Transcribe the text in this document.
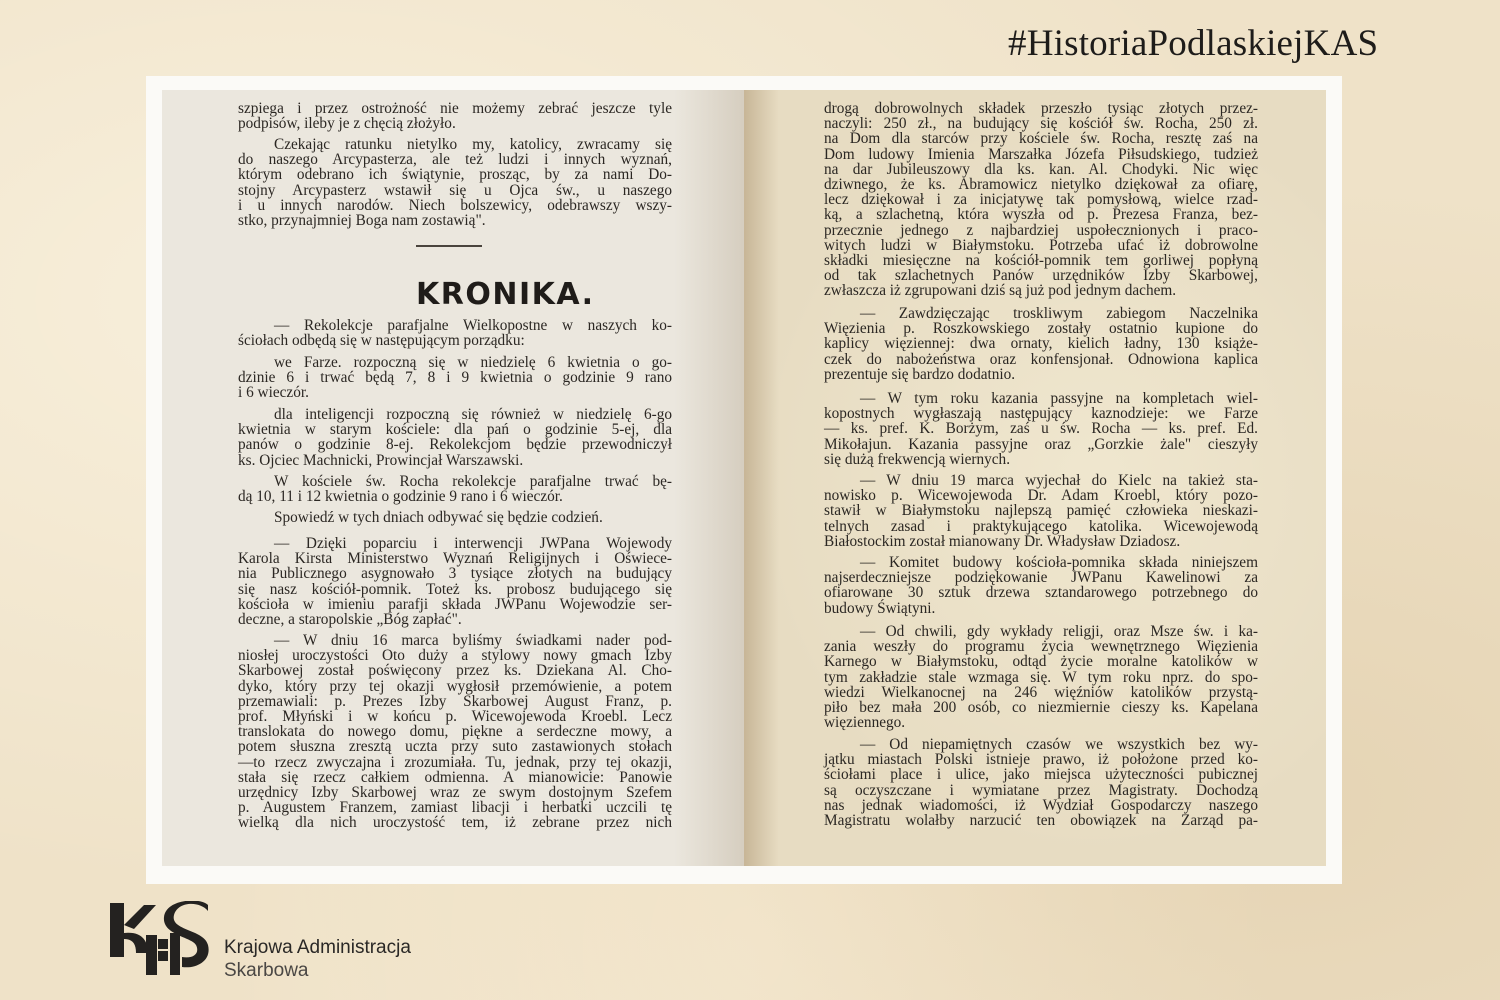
#HistoriaPodlaskiejKAS
KRONIKA.
szpiega i przez ostrożność nie możemy zebrać jeszcze tyle
podpisów, ileby je z chęcią złożyło.
Czekając ratunku nietylko my, katolicy, zwracamy się
do naszego Arcypasterza, ale też ludzi i innych wyznań,
którym odebrano ich świątynie, prosząc, by za nami Do-
stojny Arcypasterz wstawił się u Ojca św., u naszego
i u innych narodów. Niech bolszewicy, odebrawszy wszy-
stko, przynajmniej Boga nam zostawią".
— Rekolekcje parafjalne Wielkopostne w naszych ko-
ściołach odbędą się w następującym porządku:
we Farze. rozpoczną się w niedzielę 6 kwietnia o go-
dzinie 6 i trwać będą 7, 8 i 9 kwietnia o godzinie 9 rano
i 6 wieczór.
dla inteligencji rozpoczną się również w niedzielę 6-go
kwietnia w starym kościele: dla pań o godzinie 5-ej, dla
panów o godzinie 8-ej. Rekolekcjom będzie przewodniczył
ks. Ojciec Machnicki, Prowincjał Warszawski.
W kościele św. Rocha rekolekcje parafjalne trwać bę-
dą 10, 11 i 12 kwietnia o godzinie 9 rano i 6 wieczór.
Spowiedź w tych dniach odbywać się będzie codzień.
— Dzięki poparciu i interwencji JWPana Wojewody
Karola Kirsta Ministerstwo Wyznań Religijnych i Oświece-
nia Publicznego asygnowało 3 tysiące złotych na budujący
się nasz kościół-pomnik. Toteż ks. probosz budującego się
kościoła w imieniu parafji składa JWPanu Wojewodzie ser-
deczne, a staropolskie „Bóg zapłać".
— W dniu 16 marca byliśmy świadkami nader pod-
niosłej uroczystości Oto duży a stylowy nowy gmach Izby
Skarbowej został poświęcony przez ks. Dziekana Al. Cho-
dyko, który przy tej okazji wygłosił przemówienie, a potem
przemawiali: p. Prezes Izby Skarbowej August Franz, p.
prof. Młyński i w końcu p. Wicewojewoda Kroebl. Lecz
translokata do nowego domu, piękne a serdeczne mowy, a
potem słuszna zresztą uczta przy suto zastawionych stołach
—to rzecz zwyczajna i zrozumiała. Tu, jednak, przy tej okazji,
stała się rzecz całkiem odmienna. A mianowicie: Panowie
urzędnicy Izby Skarbowej wraz ze swym dostojnym Szefem
p. Augustem Franzem, zamiast libacji i herbatki uczcili tę
wielką dla nich uroczystość tem, iż zebrane przez nich
drogą dobrowolnych składek przeszło tysiąc złotych przez-
naczyli: 250 zł., na budujący się kościół św. Rocha, 250 zł.
na Dom dla starców przy kościele św. Rocha, resztę zaś na
Dom ludowy Imienia Marszałka Józefa Piłsudskiego, tudzież
na dar Jubileuszowy dla ks. kan. Al. Chodyki. Nic więc
dziwnego, że ks. Abramowicz nietylko dziękował za ofiarę,
lecz dziękował i za inicjatywę tak pomysłową, wielce rzad-
ką, a szlachetną, która wyszła od p. Prezesa Franza, bez-
przecznie jednego z najbardziej uspołecznionych i praco-
witych ludzi w Białymstoku. Potrzeba ufać iż dobrowolne
składki miesięczne na kościół-pomnik tem gorliwej popłyną
od tak szlachetnych Panów urzędników Izby Skarbowej,
zwłaszcza iż zgrupowani dziś są już pod jednym dachem.
— Zawdzięczając troskliwym zabiegom Naczelnika
Więzienia p. Roszkowskiego zostały ostatnio kupione do
kaplicy więziennej: dwa ornaty, kielich ładny, 130 książe-
czek do nabożeństwa oraz konfensjonał. Odnowiona kaplica
prezentuje się bardzo dodatnio.
— W tym roku kazania passyjne na kompletach wiel-
kopostnych wygłaszają następujący kaznodzieje: we Farze
— ks. pref. K. Borżym, zaś u św. Rocha — ks. pref. Ed.
Mikołajun. Kazania passyjne oraz „Gorzkie żale" cieszyły
się dużą frekwencją wiernych.
— W dniu 19 marca wyjechał do Kielc na takież sta-
nowisko p. Wicewojewoda Dr. Adam Kroebl, który pozo-
stawił w Białymstoku najlepszą pamięć człowieka nieskazi-
telnych zasad i praktykującego katolika. Wicewojewodą
Białostockim został mianowany Dr. Władysław Dziadosz.
— Komitet budowy kościoła-pomnika składa niniejszem
najserdeczniejsze podziękowanie JWPanu Kawelinowi za
ofiarowane 30 sztuk drzewa sztandarowego potrzebnego do
budowy Świątyni.
— Od chwili, gdy wykłady religji, oraz Msze św. i ka-
zania weszły do programu życia wewnętrznego Więzienia
Karnego w Białymstoku, odtąd życie moralne katolików w
tym zakładzie stale wzmaga się. W tym roku nprz. do spo-
wiedzi Wielkanocnej na 246 więźniów katolików przystą-
piło bez mała 200 osób, co niezmiernie cieszy ks. Kapelana
więziennego.
— Od niepamiętnych czasów we wszystkich bez wy-
jątku miastach Polski istnieje prawo, iż położone przed ko-
ściołami place i ulice, jako miejsca użyteczności pubicznej
są oczyszczane i wymiatane przez Magistraty. Dochodzą
nas jednak wiadomości, iż Wydział Gospodarczy naszego
Magistratu wolałby narzucić ten obowiązek na Zarząd pa-
Krajowa Administracja
Skarbowa
